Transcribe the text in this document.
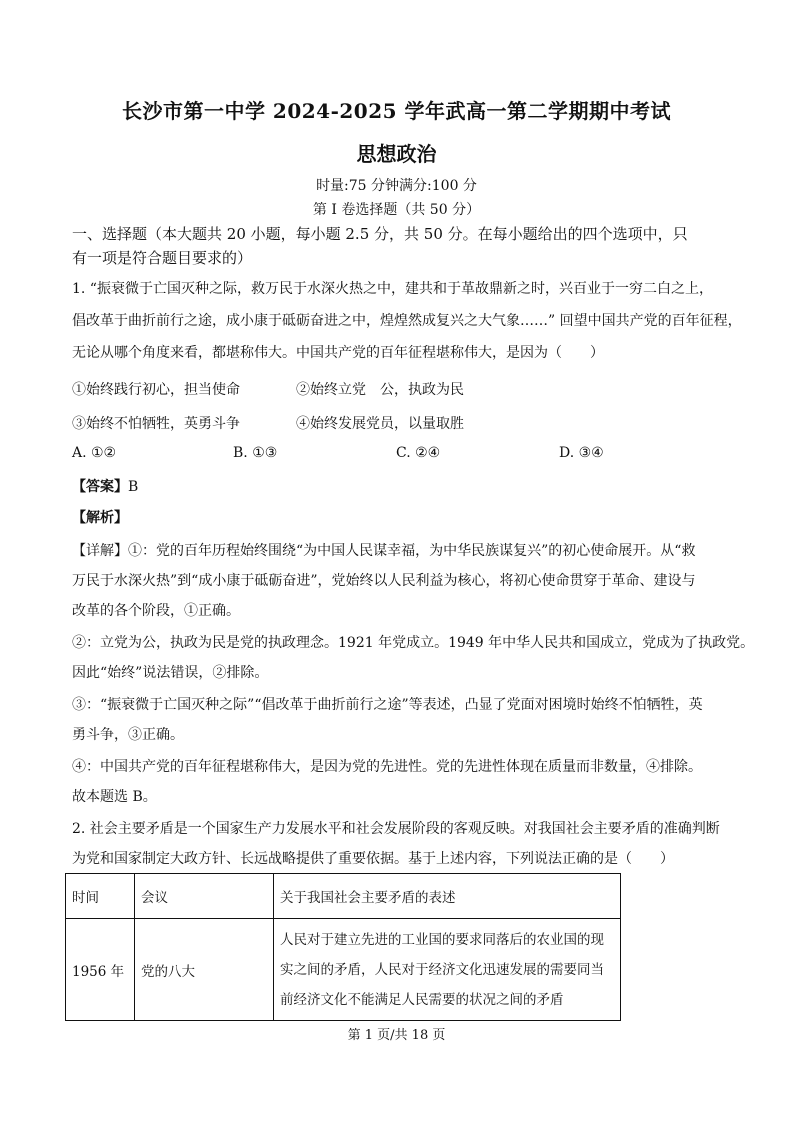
长沙市第一中学 2024-2025 学年武高一第二学期期中考试
思想政治
时量:75 分钟满分:100 分
第 I 卷选择题（共 50 分）
一、选择题（本大题共 20 小题，每小题 2.5 分，共 50 分。在每小题给出的四个选项中，只
有一项是符合题目要求的）
1. “振衰微于亡国灭种之际，救万民于水深火热之中，建共和于革故鼎新之时，兴百业于一穷二白之上，
倡改革于曲折前行之途，成小康于砥砺奋进之中，煌煌然成复兴之大气象……” 回望中国共产党的百年征程，
无论从哪个角度来看，都堪称伟大。中国共产党的百年征程堪称伟大，是因为（　　）
①始终践行初心，担当使命	②始终立党　公，执政为民
③始终不怕牺牲，英勇斗争	④始终发展党员，以量取胜
A. ①②	B. ①③	C. ②④	D. ③④
【答案】B
【解析】
【详解】①：党的百年历程始终围绕“为中国人民谋幸福，为中华民族谋复兴”的初心使命展开。从“救
万民于水深火热”到“成小康于砥砺奋进”，党始终以人民利益为核心，将初心使命贯穿于革命、建设与
改革的各个阶段，①正确。
②：立党为公，执政为民是党的执政理念。1921 年党成立。1949 年中华人民共和国成立，党成为了执政党。
因此“始终”说法错误，②排除。
③：“振衰微于亡国灭种之际”“倡改革于曲折前行之途”等表述，凸显了党面对困境时始终不怕牺牲，英
勇斗争，③正确。
④：中国共产党的百年征程堪称伟大，是因为党的先进性。党的先进性体现在质量而非数量，④排除。
故本题选 B。
2. 社会主要矛盾是一个国家生产力发展水平和社会发展阶段的客观反映。对我国社会主要矛盾的准确判断
为党和国家制定大政方针、长远战略提供了重要依据。基于上述内容，下列说法正确的是（　　）
时间	会议	关于我国社会主要矛盾的表述
1956 年	党的八大	人民对于建立先进的工业国的要求同落后的农业国的现
实之间的矛盾，人民对于经济文化迅速发展的需要同当
前经济文化不能满足人民需要的状况之间的矛盾
第 1 页/共 18 页
